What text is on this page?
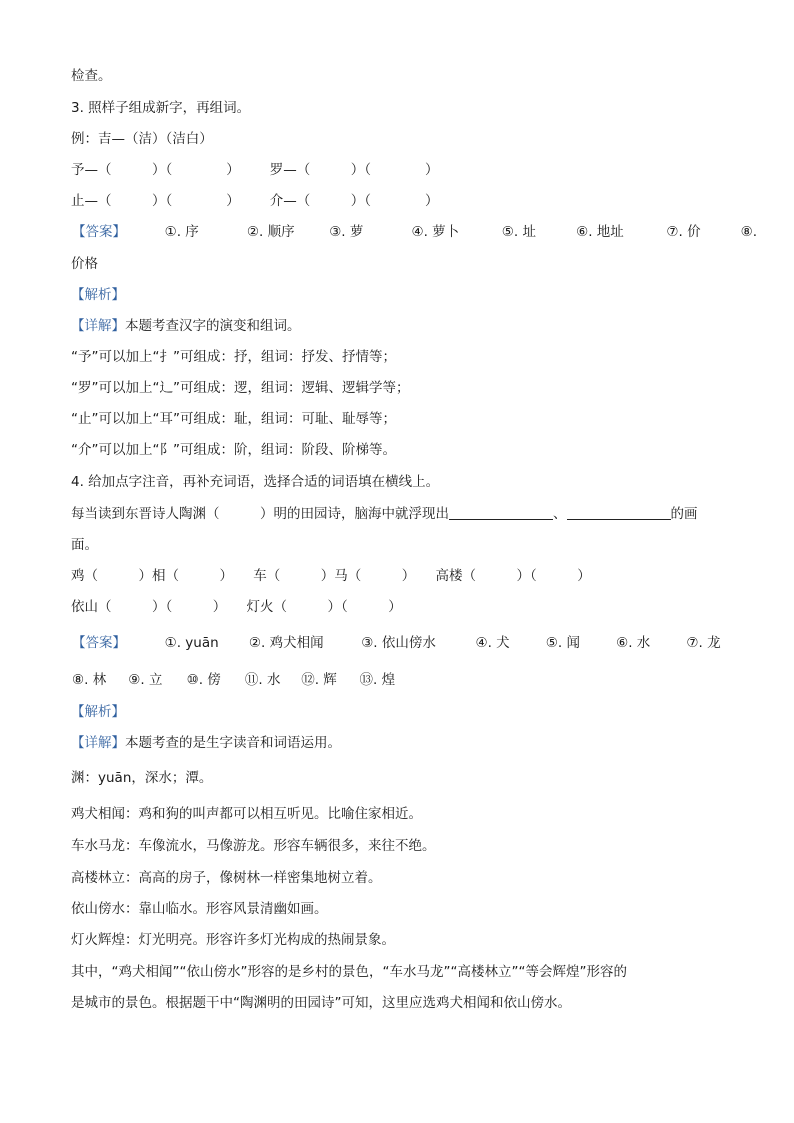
检查。
3. 照样子组成新字，再组词。
例：吉—（洁）（洁白）
予—（　　　）（　　　　） 罗—（　　　）（　　　　）
止—（　　　）（　　　　） 介—（　　　）（　　　　）
【答案】	①. 序	②. 顺序	③. 萝	④. 萝卜	⑤. 址	⑥. 地址	⑦. 价	⑧.
价格
【解析】
【详解】本题考查汉字的演变和组词。
“予”可以加上“扌”可组成：抒，组词：抒发、抒情等；
“罗”可以加上“辶”可组成：逻，组词：逻辑、逻辑学等；
“止”可以加上“耳”可组成：耻，组词：可耻、耻辱等；
“介”可以加上“阝”可组成：阶，组词：阶段、阶梯等。
4. 给加点字注音，再补充词语，选择合适的词语填在横线上。
每当读到东晋诗人陶渊（　　　）明的田园诗，脑海中就浮现出	、	的画
面。
鸡（　　　）相（　　　）　　车（　　　）马（　　　）　　高楼（　　　）（　　　）
依山（　　　）（　　　）　　灯火（　　　）（　　　）
【答案】	①. yuān ②. 鸡犬相闻	③. 依山傍水	④. 犬	⑤. 闻	⑥. 水	⑦. 龙
⑧. 林 ⑨. 立 ⑩. 傍 ⑪. 水 ⑫. 辉 ⑬. 煌
【解析】
【详解】本题考查的是生字读音和词语运用。
渊：yuān，深水；潭。
鸡犬相闻：鸡和狗的叫声都可以相互听见。比喻住家相近。
车水马龙：车像流水，马像游龙。形容车辆很多，来往不绝。
高楼林立：高高的房子，像树林一样密集地树立着。
依山傍水：靠山临水。形容风景清幽如画。
灯火辉煌：灯光明亮。形容许多灯光构成的热闹景象。
其中，“鸡犬相闻”“依山傍水”形容的是乡村的景色，“车水马龙”“高楼林立”“等会辉煌”形容的
是城市的景色。根据题干中“陶渊明的田园诗”可知，这里应选鸡犬相闻和依山傍水。
